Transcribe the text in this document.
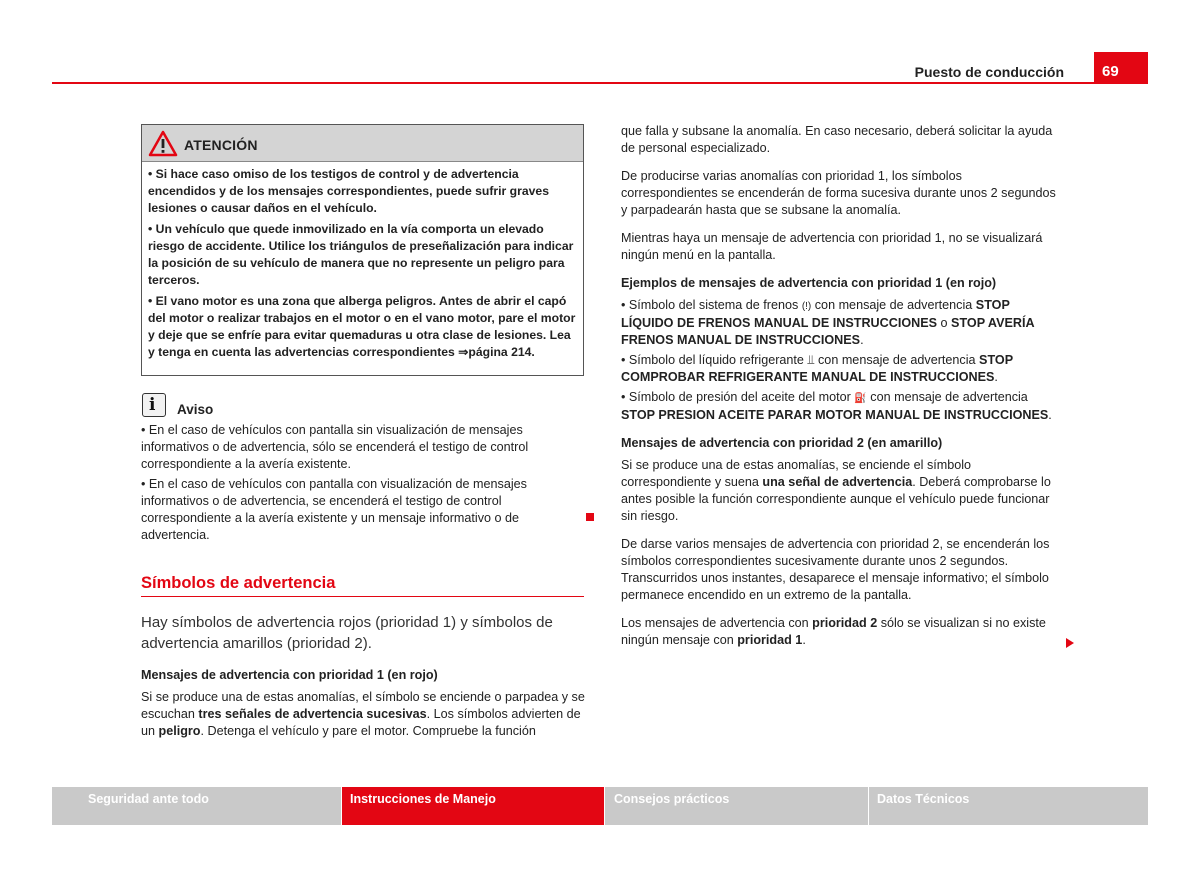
Puesto de conducción	69
ATENCIÓN

• Si hace caso omiso de los testigos de control y de advertencia encendidos y de los mensajes correspondientes, puede sufrir graves lesiones o causar daños en el vehículo.

• Un vehículo que quede inmovilizado en la vía comporta un elevado riesgo de accidente. Utilice los triángulos de preseñalización para indicar la posición de su vehículo de manera que no represente un peligro para terceros.

• El vano motor es una zona que alberga peligros. Antes de abrir el capó del motor o realizar trabajos en el motor o en el vano motor, pare el motor y deje que se enfríe para evitar quemaduras u otra clase de lesiones. Lea y tenga en cuenta las advertencias correspondientes ⇒página 214.

i Aviso

• En el caso de vehículos con pantalla sin visualización de mensajes informativos o de advertencia, sólo se encenderá el testigo de control correspondiente a la avería existente.

• En el caso de vehículos con pantalla con visualización de mensajes informativos o de advertencia, se encenderá el testigo de control correspondiente a la avería existente y un mensaje informativo o de advertencia.

Símbolos de advertencia
Hay símbolos de advertencia rojos (prioridad 1) y símbolos de advertencia amarillos (prioridad 2).

Mensajes de advertencia con prioridad 1 (en rojo)

Si se produce una de estas anomalías, el símbolo se enciende o parpadea y se escuchan tres señales de advertencia sucesivas. Los símbolos advierten de un peligro. Detenga el vehículo y pare el motor. Compruebe la función

que falla y subsane la anomalía. En caso necesario, deberá solicitar la ayuda de personal especializado.

De producirse varias anomalías con prioridad 1, los símbolos correspondientes se encenderán de forma sucesiva durante unos 2 segundos y parpadearán hasta que se subsane la anomalía.

Mientras haya un mensaje de advertencia con prioridad 1, no se visualizará ningún menú en la pantalla.

Ejemplos de mensajes de advertencia con prioridad 1 (en rojo)

• Símbolo del sistema de frenos (!) con mensaje de advertencia STOP LÍQUIDO DE FRENOS MANUAL DE INSTRUCCIONES o STOP AVERÍA FRENOS MANUAL DE INSTRUCCIONES.

• Símbolo del líquido refrigerante ⫫ con mensaje de advertencia STOP COMPROBAR REFRIGERANTE MANUAL DE INSTRUCCIONES.

• Símbolo de presión del aceite del motor ⛽ con mensaje de advertencia STOP PRESION ACEITE PARAR MOTOR MANUAL DE INSTRUCCIONES.

Mensajes de advertencia con prioridad 2 (en amarillo)

Si se produce una de estas anomalías, se enciende el símbolo correspondiente y suena una señal de advertencia. Deberá comprobarse lo antes posible la función correspondiente aunque el vehículo puede funcionar sin riesgo.

De darse varios mensajes de advertencia con prioridad 2, se encenderán los símbolos correspondientes sucesivamente durante unos 2 segundos. Transcurridos unos instantes, desaparece el mensaje informativo; el símbolo permanece encendido en un extremo de la pantalla.

Los mensajes de advertencia con prioridad 2 sólo se visualizan si no existe ningún mensaje con prioridad 1.

Seguridad ante todo	Instrucciones de Manejo	Consejos prácticos	Datos Técnicos
